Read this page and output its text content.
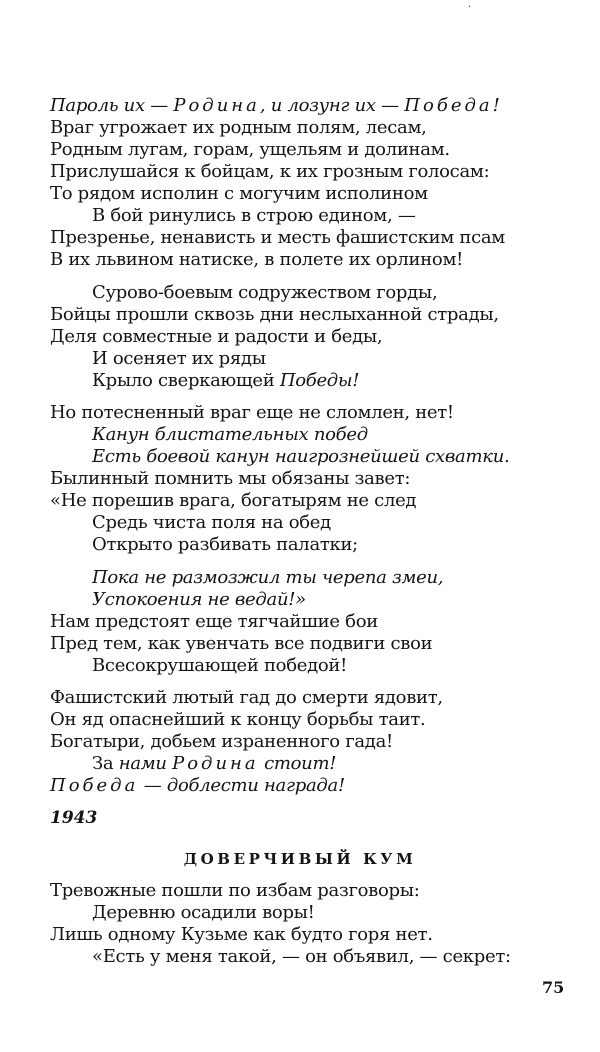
·
Пароль их — Родина, и лозунг их — Победа!
Враг угрожает их родным полям, лесам,
Родным лугам, горам, ущельям и долинам.
Прислушайся к бойцам, к их грозным голосам:
То рядом исполин с могучим исполином
В бой ринулись в строю едином, —
Презренье, ненависть и месть фашистским псам
В их львином натиске, в полете их орлином!
Сурово-боевым содружеством горды,
Бойцы прошли сквозь дни неслыханной страды,
Деля совместные и радости и беды,
И осеняет их ряды
Крыло сверкающей Победы!
Но потесненный враг еще не сломлен, нет!
Канун блистательных побед
Есть боевой канун наигрознейшей схватки.
Былинный помнить мы обязаны завет:
«Не порешив врага, богатырям не след
Средь чиста поля на обед
Открыто разбивать палатки;
Пока не размозжил ты черепа змеи,
Успокоения не ведай!»
Нам предстоят еще тягчайшие бои
Пред тем, как увенчать все подвиги свои
Всесокрушающей победой!
Фашистский лютый гад до смерти ядовит,
Он яд опаснейший к концу борьбы таит.
Богатыри, добьем израненного гада!
За нами Родина стоит!
Победа — доблести награда!
1943
ДОВЕРЧИВЫЙ КУМ
Тревожные пошли по избам разговоры:
Деревню осадили воры!
Лишь одному Кузьме как будто горя нет.
«Есть у меня такой, — он объявил, — секрет:
75
